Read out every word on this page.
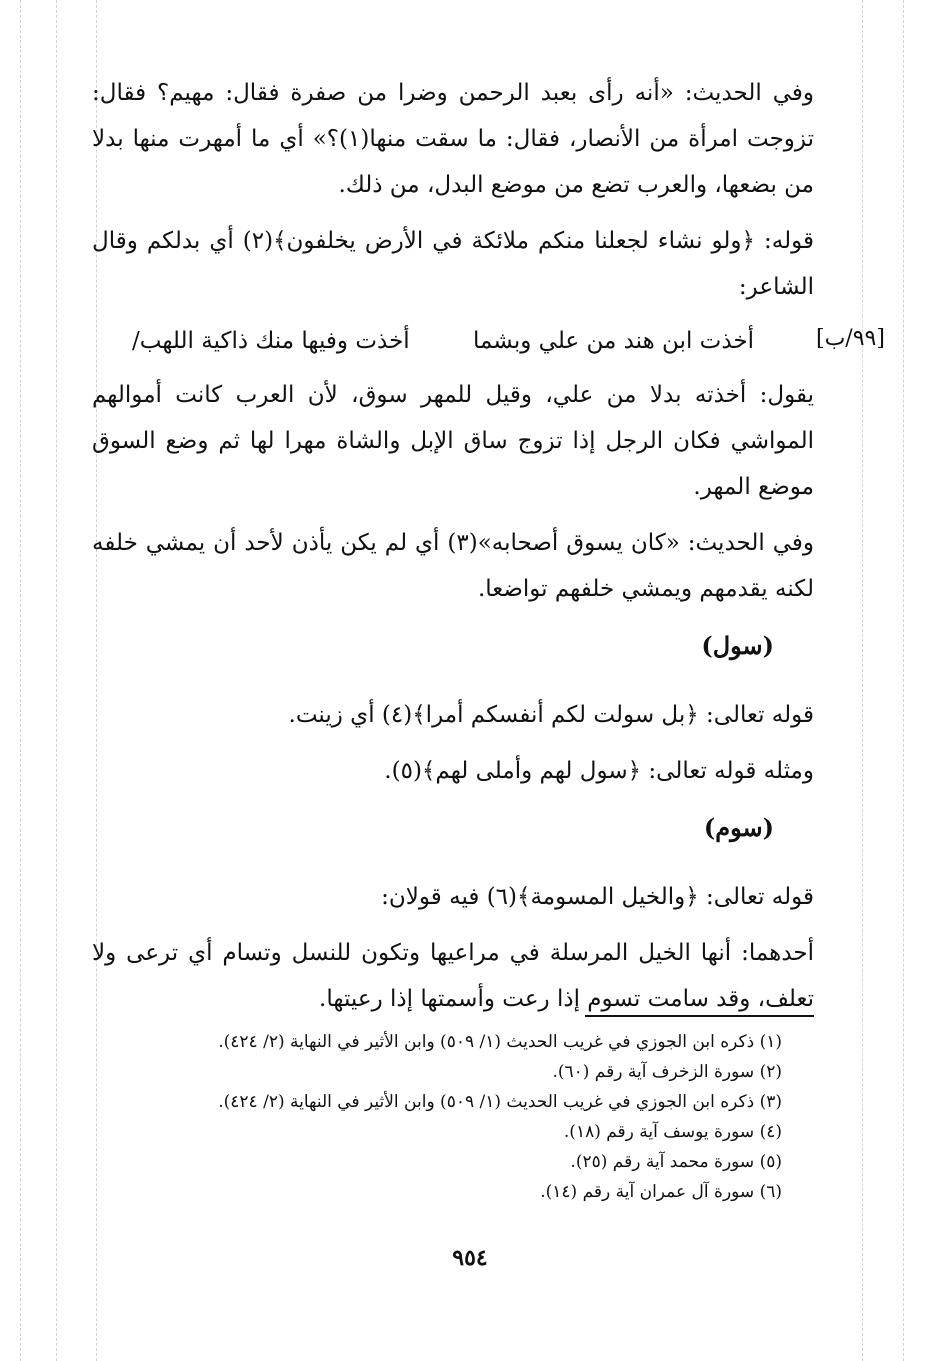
وفي الحديث: «أنه رأى بعبد الرحمن وضرا من صفرة فقال: مهيم؟ فقال: تزوجت امرأة من الأنصار، فقال: ما سقت منها(١)؟» أي ما أمهرت منها بدلا من بضعها، والعرب تضع من موضع البدل، من ذلك.

قوله: ﴿ولو نشاء لجعلنا منكم ملائكة في الأرض يخلفون﴾(٢) أي بدلكم وقال الشاعر:

أخذت ابن هند من علي وبشما
أخذت وفيها منك ذاكية اللهب/

يقول: أخذته بدلا من علي، وقيل للمهر سوق، لأن العرب كانت أموالهم المواشي فكان الرجل إذا تزوج ساق الإبل والشاة مهرا لها ثم وضع السوق موضع المهر.

وفي الحديث: «كان يسوق أصحابه»(٣) أي لم يكن يأذن لأحد أن يمشي خلفه لكنه يقدمهم ويمشي خلفهم تواضعا.

(سول)

قوله تعالى: ﴿بل سولت لكم أنفسكم أمرا﴾(٤) أي زينت.

ومثله قوله تعالى: ﴿سول لهم وأملى لهم﴾(٥).

(سوم)

قوله تعالى: ﴿والخيل المسومة﴾(٦) فيه قولان:

أحدهما: أنها الخيل المرسلة في مراعيها وتكون للنسل وتسام أي ترعى ولا تعلف، وقد سامت تسوم إذا رعت وأسمتها إذا رعيتها.

[٩٩/ب]

(١) ذكره ابن الجوزي في غريب الحديث (١/ ٥٠٩) وابن الأثير في النهاية (٢/ ٤٢٤).

(٢) سورة الزخرف آية رقم (٦٠).

(٣) ذكره ابن الجوزي في غريب الحديث (١/ ٥٠٩) وابن الأثير في النهاية (٢/ ٤٢٤).

(٤) سورة يوسف آية رقم (١٨).

(٥) سورة محمد آية رقم (٢٥).

(٦) سورة آل عمران آية رقم (١٤).

٩٥٤
